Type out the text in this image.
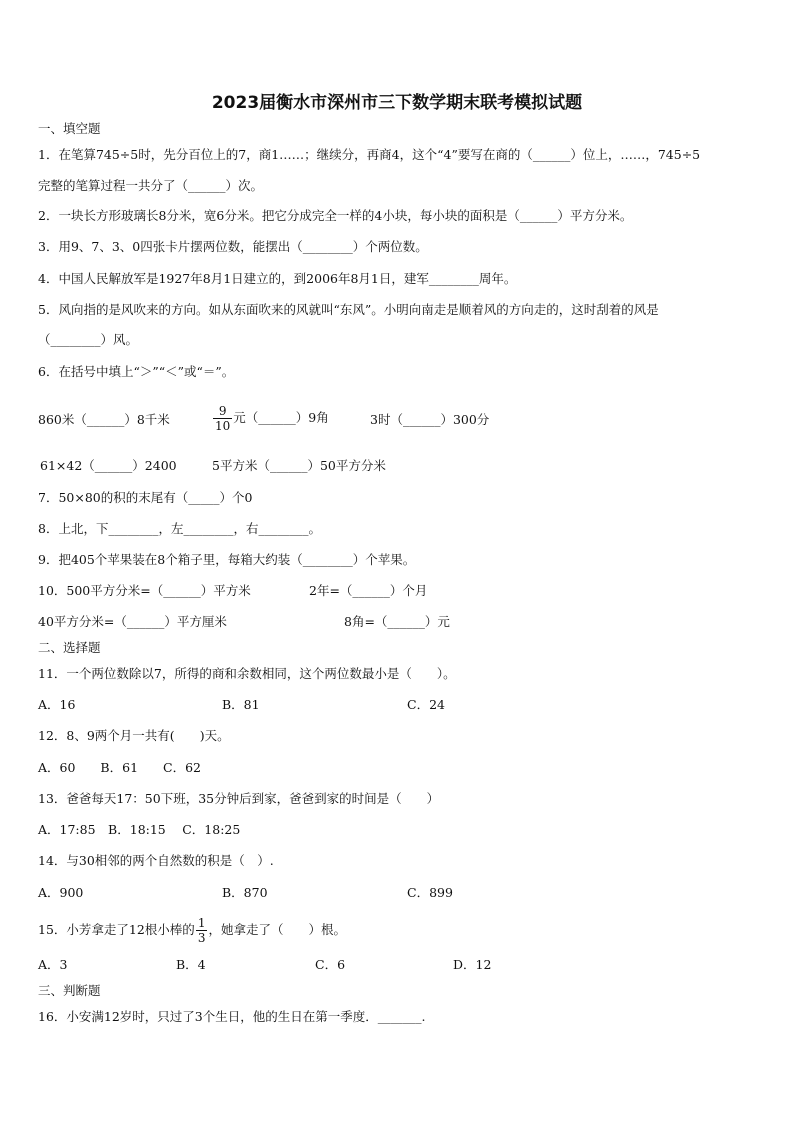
2023届衡水市深州市三下数学期末联考模拟试题
一、填空题
1．在笔算745÷5时，先分百位上的7，商1……；继续分，再商4，这个“4”要写在商的（______）位上，……，745÷5
完整的笔算过程一共分了（______）次。
2．一块长方形玻璃长8分米，宽6分米。把它分成完全一样的4小块，每小块的面积是（______）平方分米。
3．用9、7、3、0四张卡片摆两位数，能摆出（________）个两位数。
4．中国人民解放军是1927年8月1日建立的，到2006年8月1日，建军________周年。
5．风向指的是风吹来的方向。如从东面吹来的风就叫“东风”。小明向南走是顺着风的方向走的，这时刮着的风是
（________）风。
6．在括号中填上“＞”“＜”或“＝”。
860米（______）8千米	$\frac{9}{10}$ 元（______）9角	3时（______）300分
61×42（______）2400	5平方米（______）50平方分米
7．50×80的积的末尾有（_____）个0
8．上北，下________，左________，右________。
9．把405个苹果装在8个箱子里，每箱大约装（________）个苹果。
10．500平方分米=（______）平方米	2年=（______）个月
40平方分米=（______）平方厘米	8角=（______）元
二、选择题
11．一个两位数除以7，所得的商和余数相同，这个两位数最小是（　　）。
A．16	B．81	C．24
12．8、9两个月一共有(　　)天。
A．60　　B．61　　C．62
13．爸爸每天17：50下班，35分钟后到家，爸爸到家的时间是（　　）
A．17:85　B．18:15　 C．18:25
14．与30相邻的两个自然数的积是（　）.
A．900	B．870	C．899
15．小芳拿走了12根小棒的 $\frac{1}{3}$ ，她拿走了（　　）根。
A．3	B．4	C．6	D．12
三、判断题
16．小安满12岁时，只过了3个生日，他的生日在第一季度．_______.
